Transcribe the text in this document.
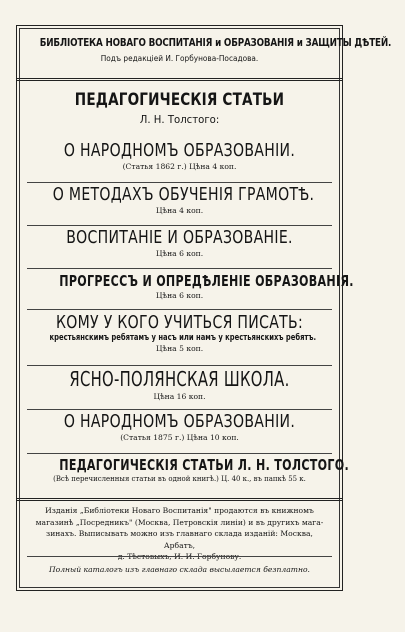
БИБЛІОТЕКА НОВАГО ВОСПИТАНІЯ и ОБРАЗОВАНІЯ и ЗАЩИТЫ ДѢТЕЙ.
Подъ редакціей И. Горбунова-Посадова.
ПЕДАГОГИЧЕСКІЯ СТАТЬИ
Л. Н. Толстого:
О НАРОДНОМЪ ОБРАЗОВАНІИ.
(Статья 1862 г.) Цѣна 4 коп.
О МЕТОДАХЪ ОБУЧЕНІЯ ГРАМОТѢ.
Цѣна 4 коп.
ВОСПИТАНІЕ И ОБРАЗОВАНІЕ.
Цѣна 6 коп.
ПРОГРЕССЪ И ОПРЕДѢЛЕНІЕ ОБРАЗОВАНІЯ.
Цѣна 6 коп.
КОМУ У КОГО УЧИТЬСЯ ПИСАТЬ:
крестьянскимъ ребятамъ у насъ или намъ у крестьянскихъ ребятъ.
Цѣна 5 коп.
ЯСНО-ПОЛЯНСКАЯ ШКОЛА.
Цѣна 16 коп.
О НАРОДНОМЪ ОБРАЗОВАНІИ.
(Статья 1875 г.) Цѣна 10 коп.
ПЕДАГОГИЧЕСКІЯ СТАТЬИ Л. Н. ТОЛСТОГО.
(Всѣ перечисленныя статьи въ одной книгѣ.) Ц. 40 к., въ папкѣ 55 к.
Изданія „Библіотеки Новаго Воспитанія" продаются въ книжномъ
магазинѣ „Посредникъ" (Москва, Петровскія линіи) и въ другихъ мага-
зинахъ. Выписывать можно изъ главнаго склада изданій: Москва, Арбатъ,
д. Тѣстовыхъ, И. И. Горбунову.
Полный каталогъ изъ главнаго склада высылается безплатно.
